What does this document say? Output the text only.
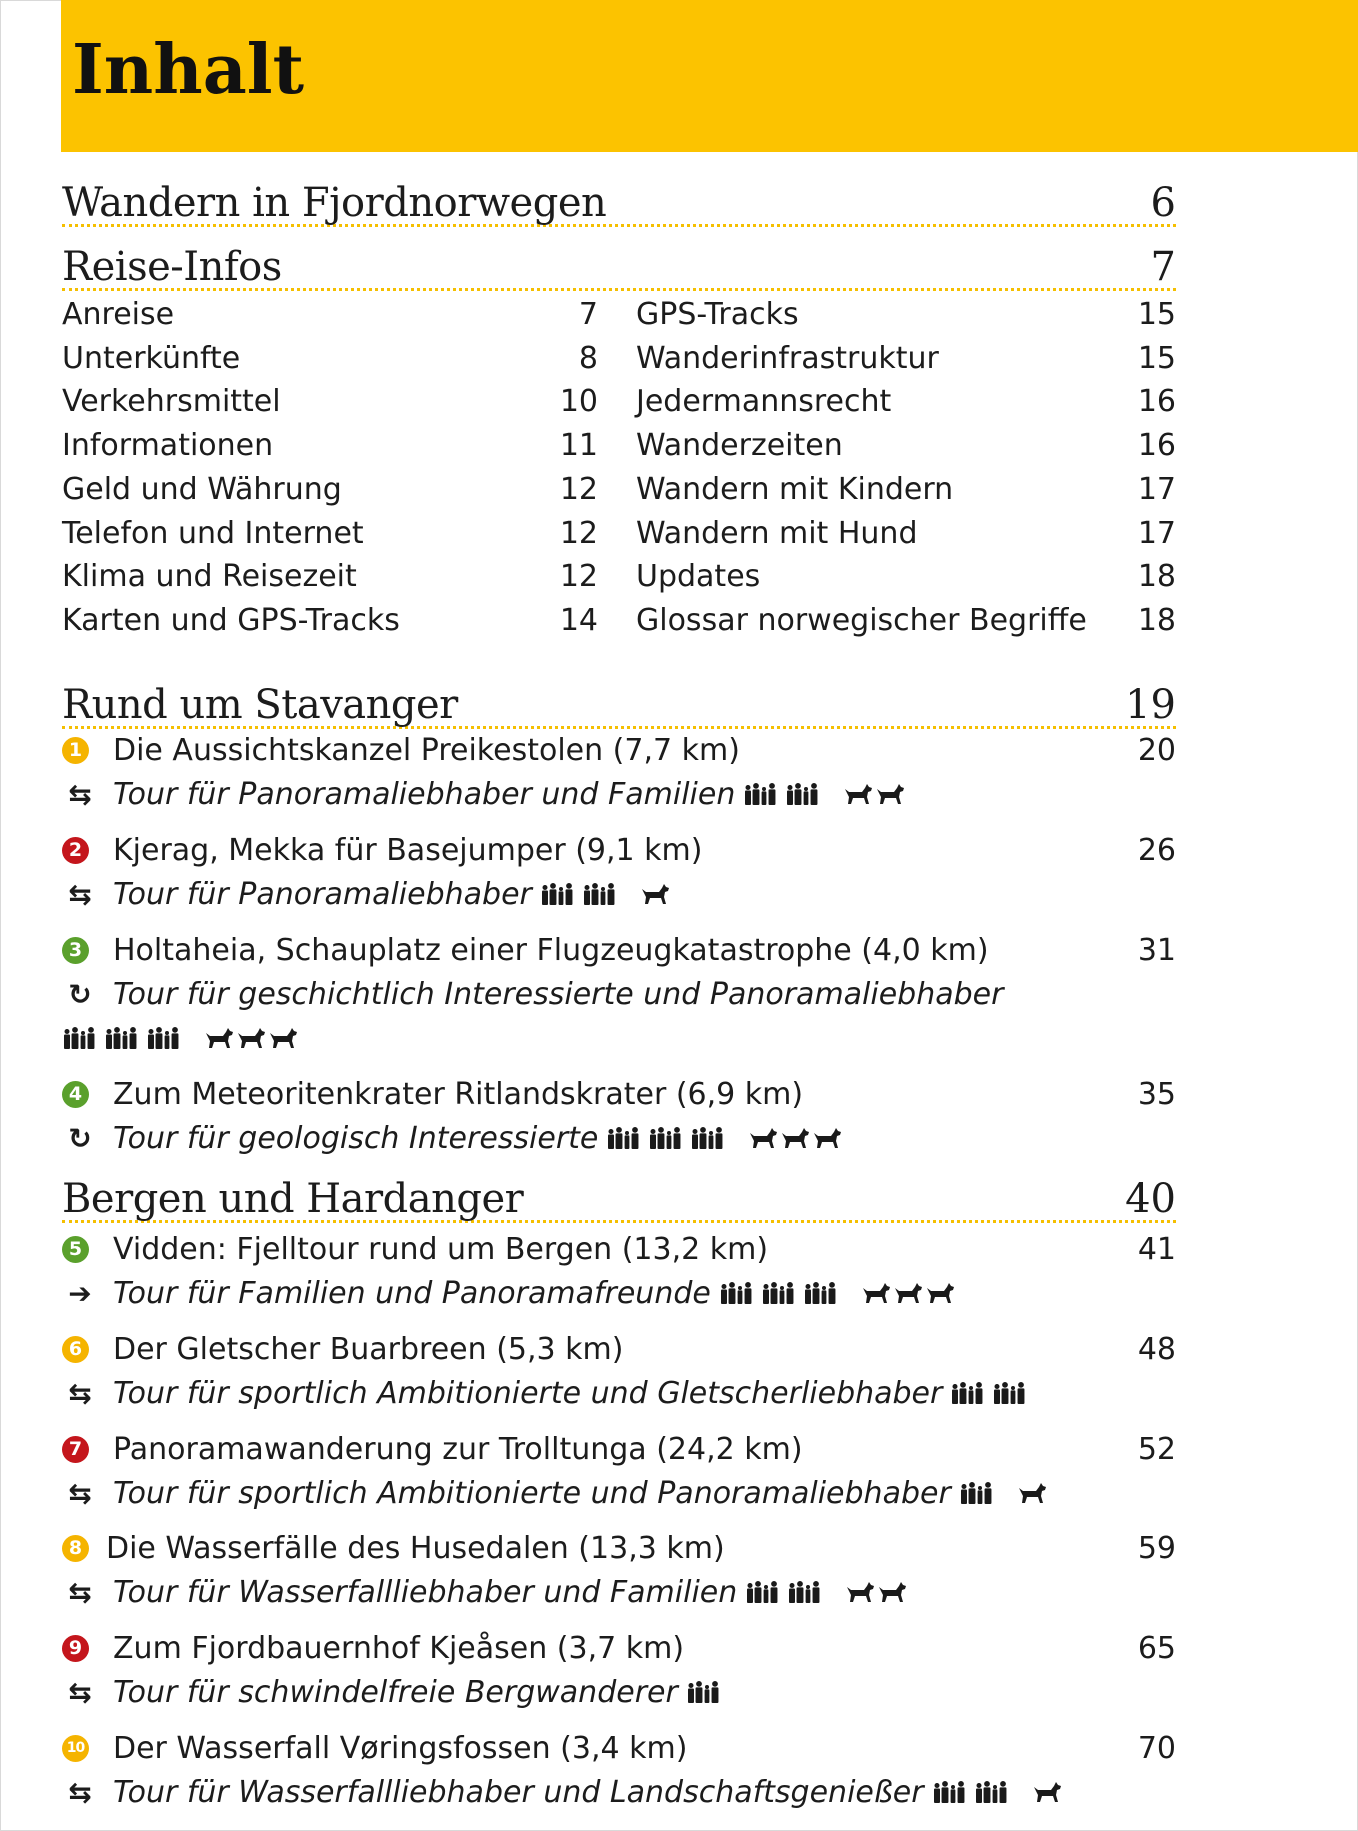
Inhalt
Wandern in Fjordnorwegen	6
Reise-Infos	7
Anreise	7
Unterkünfte	8
Verkehrsmittel	10
Informationen	11
Geld und Währung	12
Telefon und Internet	12
Klima und Reisezeit	12
Karten und GPS-Tracks	14
GPS-Tracks	15
Wanderinfrastruktur	15
Jedermannsrecht	16
Wanderzeiten	16
Wandern mit Kindern	17
Wandern mit Hund	17
Updates	18
Glossar norwegischer Begriffe 18
Rund um Stavanger	19
1 Die Aussichtskanzel Preikestolen (7,7 km)	20
⇆ Tour für Panoramaliebhaber und Familien
2 Kjerag, Mekka für Basejumper (9,1 km)	26
⇆ Tour für Panoramaliebhaber
3 Holtaheia, Schauplatz einer Flugzeugkatastrophe (4,0 km)	31
↻ Tour für geschichtlich Interessierte und Panoramaliebhaber

4 Zum Meteoritenkrater Ritlandskrater (6,9 km)	35
↻ Tour für geologisch Interessierte
Bergen und Hardanger	40
5 Vidden: Fjelltour rund um Bergen (13,2 km)	41
➔ Tour für Familien und Panoramafreunde
6 Der Gletscher Buarbreen (5,3 km)	48
⇆ Tour für sportlich Ambitionierte und Gletscherliebhaber
7 Panoramawanderung zur Trolltunga (24,2 km)	52
⇆ Tour für sportlich Ambitionierte und Panoramaliebhaber
8 Die Wasserfälle des Husedalen (13,3 km)	59
⇆ Tour für Wasserfallliebhaber und Familien
9 Zum Fjordbauernhof Kjeåsen (3,7 km)	65
⇆ Tour für schwindelfreie Bergwanderer
10 Der Wasserfall Vøringsfossen (3,4 km)	70
⇆ Tour für Wasserfallliebhaber und Landschaftsgenießer
